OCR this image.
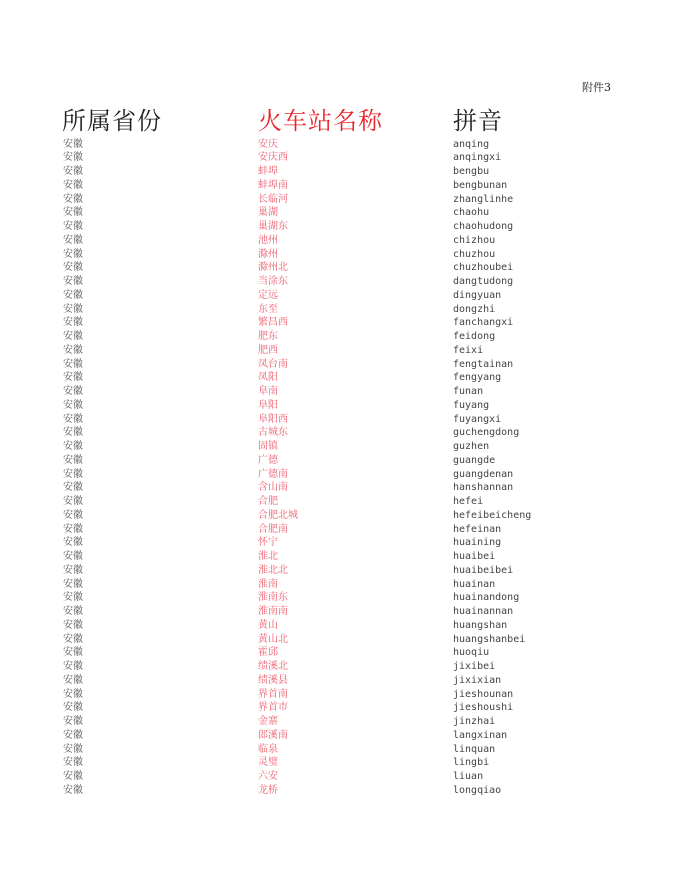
附件3
所属省份	火车站名称	拼音
安徽	安庆	anqing
安徽	安庆西	anqingxi
安徽	蚌埠	bengbu
安徽	蚌埠南	bengbunan
安徽	长临河	zhanglinhe
安徽	巢湖	chaohu
安徽	巢湖东	chaohudong
安徽	池州	chizhou
安徽	滁州	chuzhou
安徽	滁州北	chuzhoubei
安徽	当涂东	dangtudong
安徽	定远	dingyuan
安徽	东至	dongzhi
安徽	繁昌西	fanchangxi
安徽	肥东	feidong
安徽	肥西	feixi
安徽	凤台南	fengtainan
安徽	凤阳	fengyang
安徽	阜南	funan
安徽	阜阳	fuyang
安徽	阜阳西	fuyangxi
安徽	古城东	guchengdong
安徽	固镇	guzhen
安徽	广德	guangde
安徽	广德南	guangdenan
安徽	含山南	hanshannan
安徽	合肥	hefei
安徽	合肥北城	hefeibeicheng
安徽	合肥南	hefeinan
安徽	怀宁	huaining
安徽	淮北	huaibei
安徽	淮北北	huaibeibei
安徽	淮南	huainan
安徽	淮南东	huainandong
安徽	淮南南	huainannan
安徽	黄山	huangshan
安徽	黄山北	huangshanbei
安徽	霍邱	huoqiu
安徽	绩溪北	jixibei
安徽	绩溪县	jixixian
安徽	界首南	jieshounan
安徽	界首市	jieshoushi
安徽	金寨	jinzhai
安徽	郎溪南	langxinan
安徽	临泉	linquan
安徽	灵璧	lingbi
安徽	六安	liuan
安徽	龙桥	longqiao
